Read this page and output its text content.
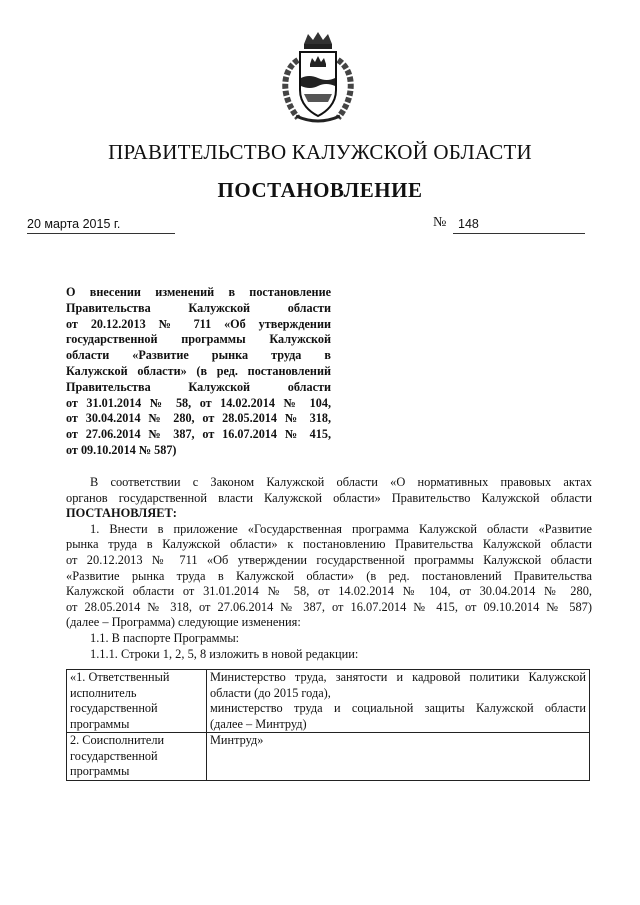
ПРАВИТЕЛЬСТВО КАЛУЖСКОЙ ОБЛАСТИ
ПОСТАНОВЛЕНИЕ
20 марта 2015 г.	№ 148
О внесении изменений в постановление
Правительства Калужской области
от 20.12.2013 № 711 «Об утверждении
государственной программы Калужской
области «Развитие рынка труда в
Калужской области» (в ред. постановлений
Правительства Калужской области
от 31.01.2014 № 58, от 14.02.2014 № 104,
от 30.04.2014 № 280, от 28.05.2014 № 318,
от 27.06.2014 № 387, от 16.07.2014 № 415,
от 09.10.2014 № 587)
В соответствии с Законом Калужской области «О нормативных правовых актах
органов государственной власти Калужской области» Правительство Калужской области
ПОСТАНОВЛЯЕТ:
1. Внести в приложение «Государственная программа Калужской области «Развитие
рынка труда в Калужской области» к постановлению Правительства Калужской области
от 20.12.2013 № 711 «Об утверждении государственной программы Калужской области
«Развитие рынка труда в Калужской области» (в ред. постановлений Правительства
Калужской области от 31.01.2014 № 58, от 14.02.2014 № 104, от 30.04.2014 № 280,
от 28.05.2014 № 318, от 27.06.2014 № 387, от 16.07.2014 № 415, от 09.10.2014 № 587)
(далее – Программа) следующие изменения:
1.1. В паспорте Программы:
1.1.1. Строки 1, 2, 5, 8 изложить в новой редакции:
«1. Ответственный
исполнитель
государственной
программы	Министерство труда, занятости и кадровой политики Калужской
области (до 2015 года),
министерство труда и социальной защиты Калужской области
(далее – Минтруд)

2. Соисполнители
государственной
программы	Минтруд»
